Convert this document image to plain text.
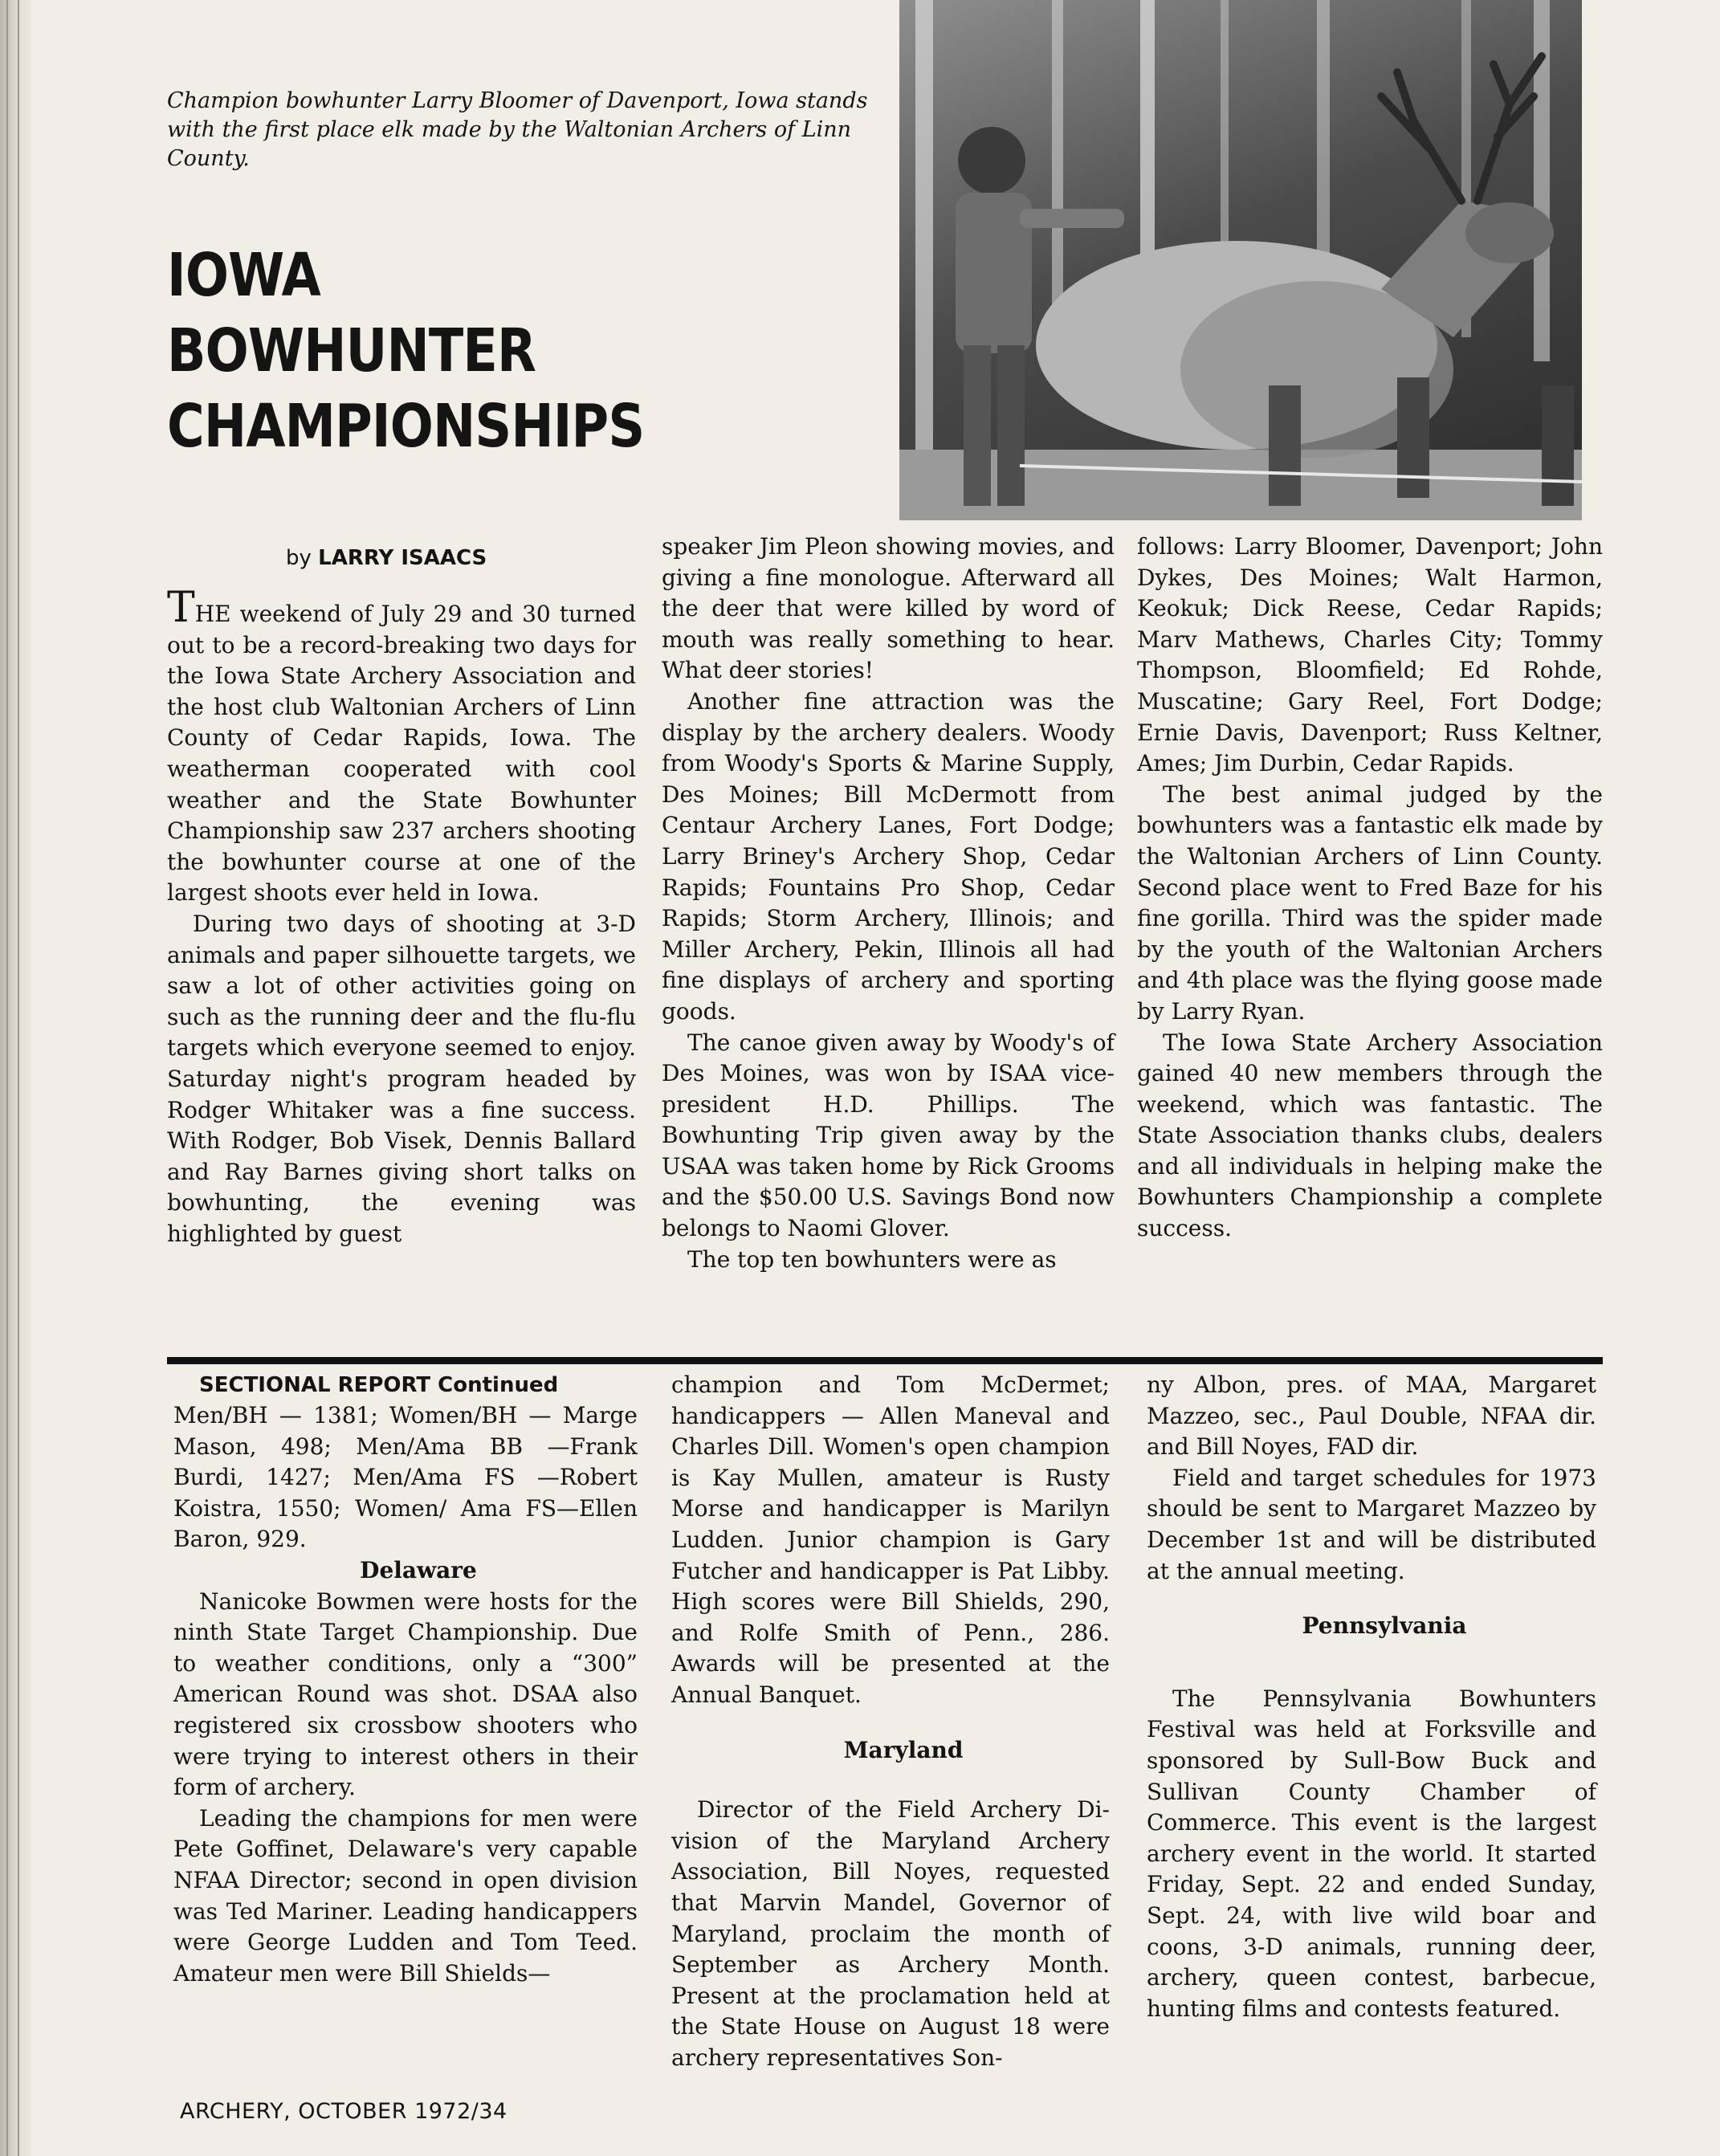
Champion bowhunter Larry Bloomer of Davenport, Iowa stands with the first place elk made by the Waltonian Archers of Linn County.
IOWA
BOWHUNTER
CHAMPIONSHIPS
by LARRY ISAACS

THE weekend of July 29 and 30 turned out to be a record-breaking two days for the Iowa State Archery Association and the host club Waltonian Archers of Linn County of Cedar Rapids, Iowa. The weatherman cooperated with cool weather and the State Bowhunter Championship saw 237 archers shooting the bowhunter course at one of the largest shoots ever held in Iowa.

During two days of shooting at 3-D animals and paper silhouette targets, we saw a lot of other activities going on such as the running deer and the flu-flu targets which everyone seemed to enjoy. Saturday night's program headed by Rodger Whitaker was a fine success. With Rodger, Bob Visek, Dennis Ballard and Ray Barnes giving short talks on bowhunting, the evening was highlighted by guest

speaker Jim Pleon showing movies, and giving a fine monologue. Afterward all the deer that were killed by word of mouth was really something to hear. What deer stories!

Another fine attraction was the display by the archery dealers. Woody from Woody's Sports & Marine Supply, Des Moines; Bill McDermott from Centaur Archery Lanes, Fort Dodge; Larry Briney's Archery Shop, Cedar Rapids; Fountains Pro Shop, Cedar Rapids; Storm Archery, Illinois; and Miller Archery, Pekin, Illinois all had fine displays of archery and sporting goods.

The canoe given away by Woody's of Des Moines, was won by ISAA vice-president H.D. Phillips. The Bowhunting Trip given away by the USAA was taken home by Rick Grooms and the $50.00 U.S. Savings Bond now belongs to Naomi Glover.

The top ten bowhunters were as

follows: Larry Bloomer, Davenport; John Dykes, Des Moines; Walt Harmon, Keokuk; Dick Reese, Cedar Rapids; Marv Mathews, Charles City; Tommy Thompson, Bloomfield; Ed Rohde, Muscatine; Gary Reel, Fort Dodge; Ernie Davis, Davenport; Russ Keltner, Ames; Jim Durbin, Cedar Rapids.

The best animal judged by the bowhunters was a fantastic elk made by the Waltonian Archers of Linn County. Second place went to Fred Baze for his fine gorilla. Third was the spider made by the youth of the Waltonian Archers and 4th place was the flying goose made by Larry Ryan.

The Iowa State Archery Association gained 40 new members through the weekend, which was fantastic. The State Association thanks clubs, dealers and all individuals in helping make the Bowhunters Championship a complete success.

SECTIONAL REPORT Continued

Men/BH — 1381; Women/BH — Marge Mason, 498; Men/Ama BB —Frank Burdi, 1427; Men/Ama FS —Robert Koistra, 1550; Women/ Ama FS—Ellen Baron, 929.

Delaware

Nanicoke Bowmen were hosts for the ninth State Target Championship. Due to weather conditions, only a “300” American Round was shot. DSAA also registered six crossbow shooters who were trying to interest others in their form of archery.

Leading the champions for men were Pete Goffinet, Delaware's very capable NFAA Director; second in open division was Ted Mariner. Leading handicappers were George Ludden and Tom Teed. Amateur men were Bill Shields—

champion and Tom McDermet; handicappers — Allen Maneval and Charles Dill. Women's open champion is Kay Mullen, amateur is Rusty Morse and handicapper is Marilyn Ludden. Junior champion is Gary Futcher and handicapper is Pat Libby. High scores were Bill Shields, 290, and Rolfe Smith of Penn., 286. Awards will be presented at the Annual Banquet.

Maryland

Director of the Field Archery Division of the Maryland Archery Association, Bill Noyes, requested that Marvin Mandel, Governor of Maryland, proclaim the month of September as Archery Month. Present at the proclamation held at the State House on August 18 were archery representatives Son-

ny Albon, pres. of MAA, Margaret Mazzeo, sec., Paul Double, NFAA dir. and Bill Noyes, FAD dir.

Field and target schedules for 1973 should be sent to Margaret Mazzeo by December 1st and will be distributed at the annual meeting.

Pennsylvania

The Pennsylvania Bowhunters Festival was held at Forksville and sponsored by Sull-Bow Buck and Sullivan County Chamber of Commerce. This event is the largest archery event in the world. It started Friday, Sept. 22 and ended Sunday, Sept. 24, with live wild boar and coons, 3-D animals, running deer, archery, queen contest, barbecue, hunting films and contests featured.

ARCHERY, OCTOBER 1972/34
